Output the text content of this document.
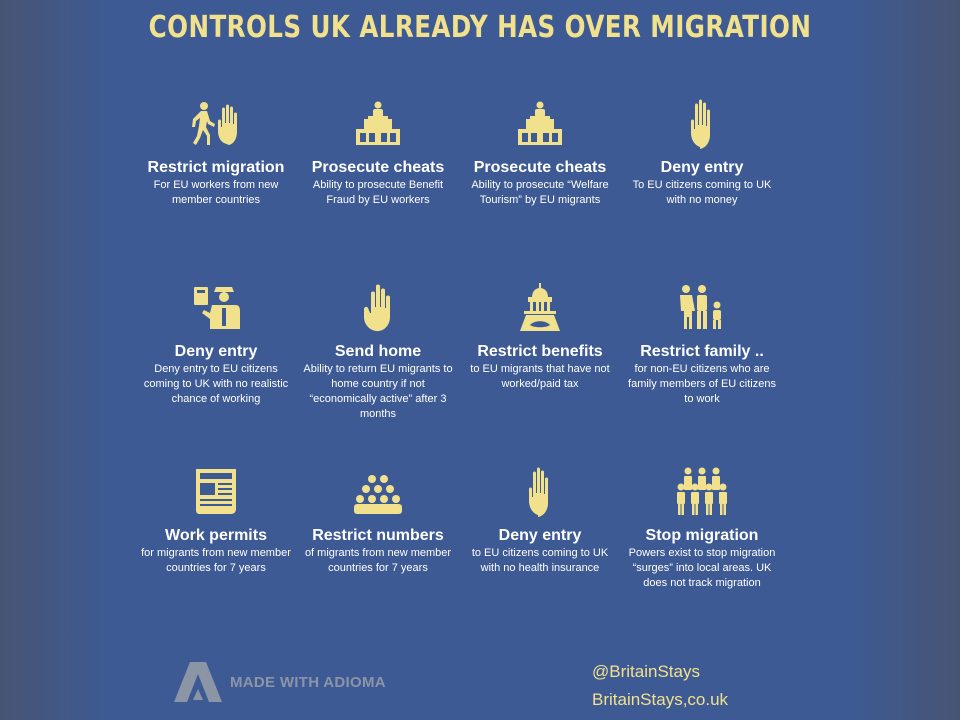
CONTROLS UK ALREADY HAS OVER MIGRATION
Restrict migration
For EU workers from new member countries
Prosecute cheats
Ability to prosecute Benefit Fraud by EU workers
Prosecute cheats
Ability to prosecute “Welfare Tourism” by EU migrants
Deny entry
To EU citizens coming to UK with no money
Deny entry
Deny entry to EU citizens coming to UK with no realistic chance of working
Send home
Ability to return EU migrants to home country if not “economically active” after 3 months
Restrict benefits
to EU migrants that have not worked/paid tax
Restrict family ..
for non-EU citizens who are family members of EU citizens to work
Work permits
for migrants from new member countries for 7 years
Restrict numbers
of migrants from new member countries for 7 years
Deny entry
to EU citizens coming to UK with no health insurance
Stop migration
Powers exist to stop migration “surges” into local areas. UK does not track migration
MADE WITH ADIOMA
@BritainStays
BritainStays,co.uk
